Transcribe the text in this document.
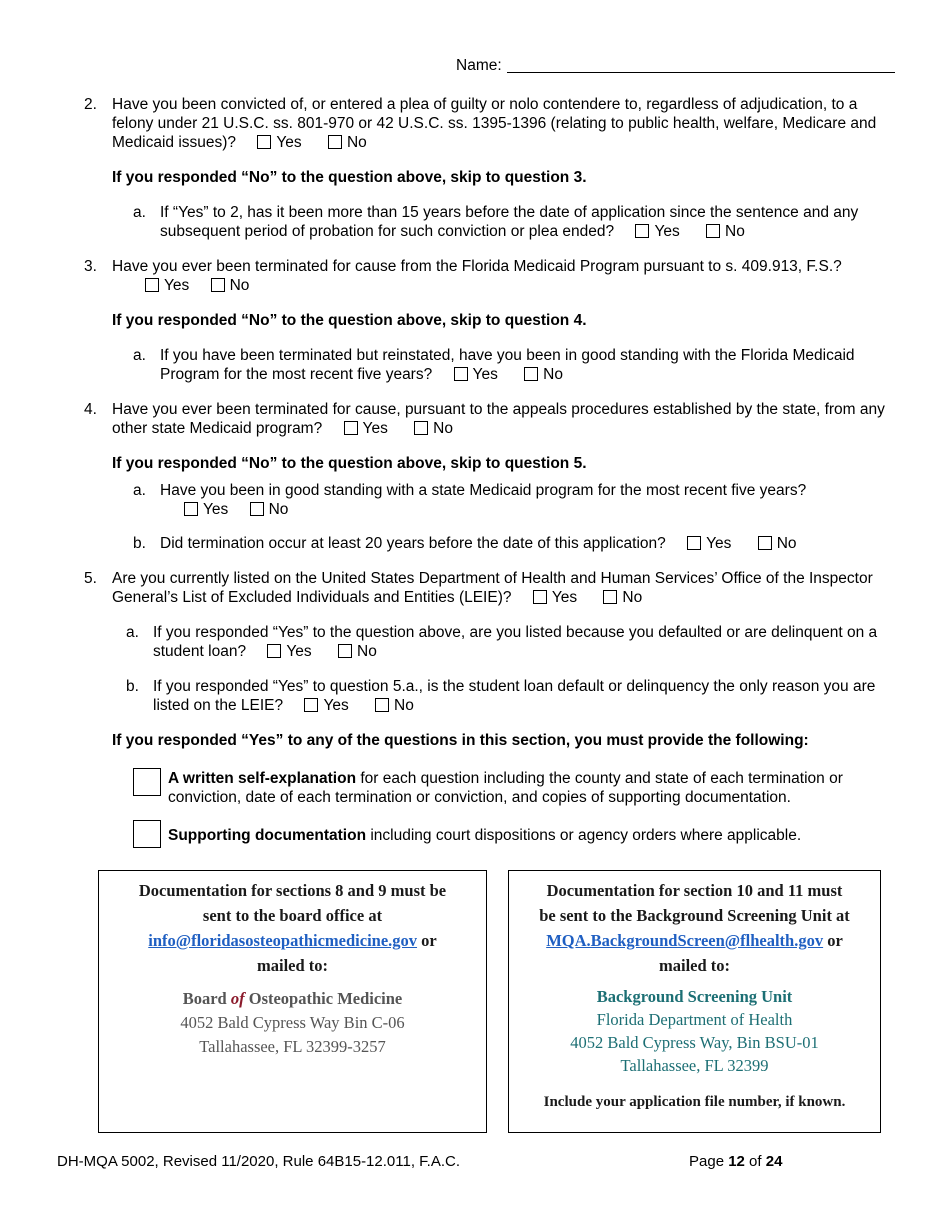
Name:
2. Have you been convicted of, or entered a plea of guilty or nolo contendere to, regardless of adjudication, to a
felony under 21 U.S.C. ss. 801-970 or 42 U.S.C. ss. 1395-1396 (relating to public health, welfare, Medicare and
Medicaid issues)?	Yes	No
If you responded “No” to the question above, skip to question 3.
a. If “Yes” to 2, has it been more than 15 years before the date of application since the sentence and any
subsequent period of probation for such conviction or plea ended?	Yes	No
3. Have you ever been terminated for cause from the Florida Medicaid Program pursuant to s. 409.913, F.S.?
Yes	No
If you responded “No” to the question above, skip to question 4.
a. If you have been terminated but reinstated, have you been in good standing with the Florida Medicaid
Program for the most recent five years?	Yes	No
4. Have you ever been terminated for cause, pursuant to the appeals procedures established by the state, from any
other state Medicaid program?	Yes	No
If you responded “No” to the question above, skip to question 5.
a. Have you been in good standing with a state Medicaid program for the most recent five years?
Yes	No
b. Did termination occur at least 20 years before the date of this application?	Yes	No
5. Are you currently listed on the United States Department of Health and Human Services’ Office of the Inspector
General’s List of Excluded Individuals and Entities (LEIE)?	Yes	No
a. If you responded “Yes” to the question above, are you listed because you defaulted or are delinquent on a
student loan?	Yes	No
b. If you responded “Yes” to question 5.a., is the student loan default or delinquency the only reason you are
listed on the LEIE?	Yes	No
If you responded “Yes” to any of the questions in this section, you must provide the following:
A written self-explanation for each question including the county and state of each termination or
conviction, date of each termination or conviction, and copies of supporting documentation.
Supporting documentation including court dispositions or agency orders where applicable.
Documentation for sections 8 and 9 must be
sent to the board office at
info@floridasosteopathicmedicine.gov or
mailed to:
Board of Osteopathic Medicine
4052 Bald Cypress Way Bin C-06
Tallahassee, FL 32399-3257
Documentation for section 10 and 11 must
be sent to the Background Screening Unit at
MQA.BackgroundScreen@flhealth.gov or
mailed to:
Background Screening Unit
Florida Department of Health
4052 Bald Cypress Way, Bin BSU-01
Tallahassee, FL 32399
Include your application file number, if known.
DH-MQA 5002, Revised 11/2020, Rule 64B15-12.011, F.A.C.	Page 12 of 24
